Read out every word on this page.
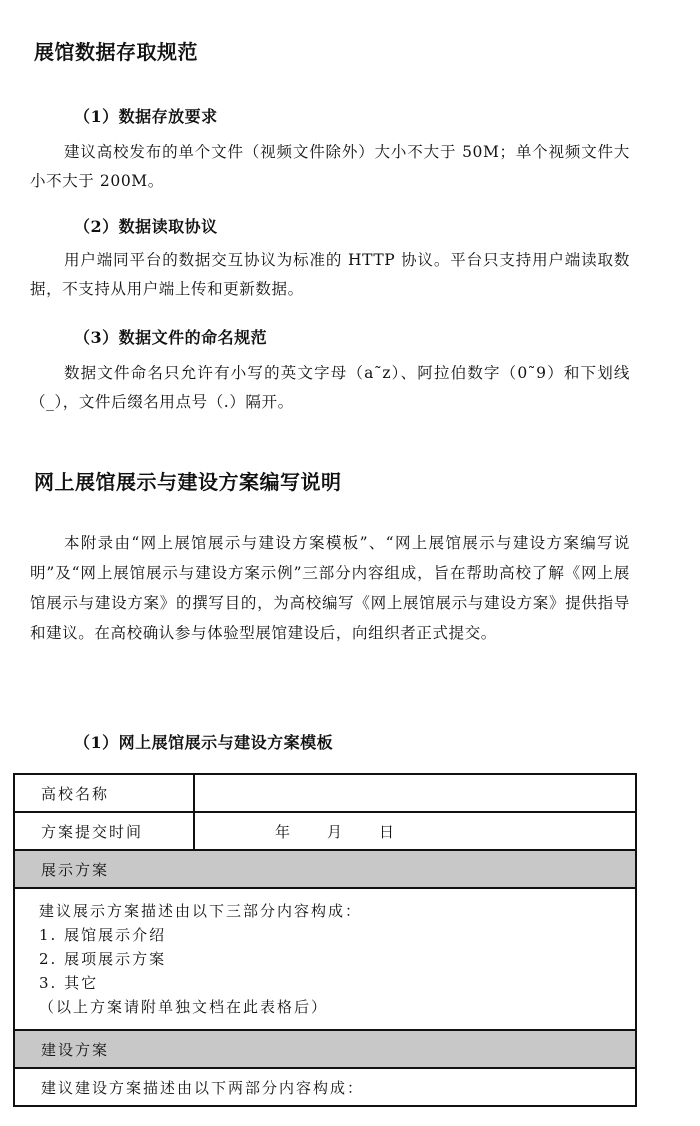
展馆数据存取规范
（1）数据存放要求

建议高校发布的单个文件（视频文件除外）大小不大于 50M；单个视频文件大小不大于 200M。

（2）数据读取协议

用户端同平台的数据交互协议为标准的 HTTP 协议。平台只支持用户端读取数据，不支持从用户端上传和更新数据。

（3）数据文件的命名规范

数据文件命名只允许有小写的英文字母（a˜z）、阿拉伯数字（0˜9）和下划线（_），文件后缀名用点号（.）隔开。

网上展馆展示与建设方案编写说明

本附录由“网上展馆展示与建设方案模板”、“网上展馆展示与建设方案编写说明”及“网上展馆展示与建设方案示例”三部分内容组成，旨在帮助高校了解《网上展馆展示与建设方案》的撰写目的，为高校编写《网上展馆展示与建设方案》提供指导和建议。在高校确认参与体验型展馆建设后，向组织者正式提交。

（1）网上展馆展示与建设方案模板
高校名称	
方案提交时间	年 月 日
展示方案	

建议展示方案描述由以下三部分内容构成：
1. 展馆展示介绍
2. 展项展示方案
3. 其它
（以上方案请附单独文档在此表格后）	

建设方案	
建议建设方案描述由以下两部分内容构成：	
